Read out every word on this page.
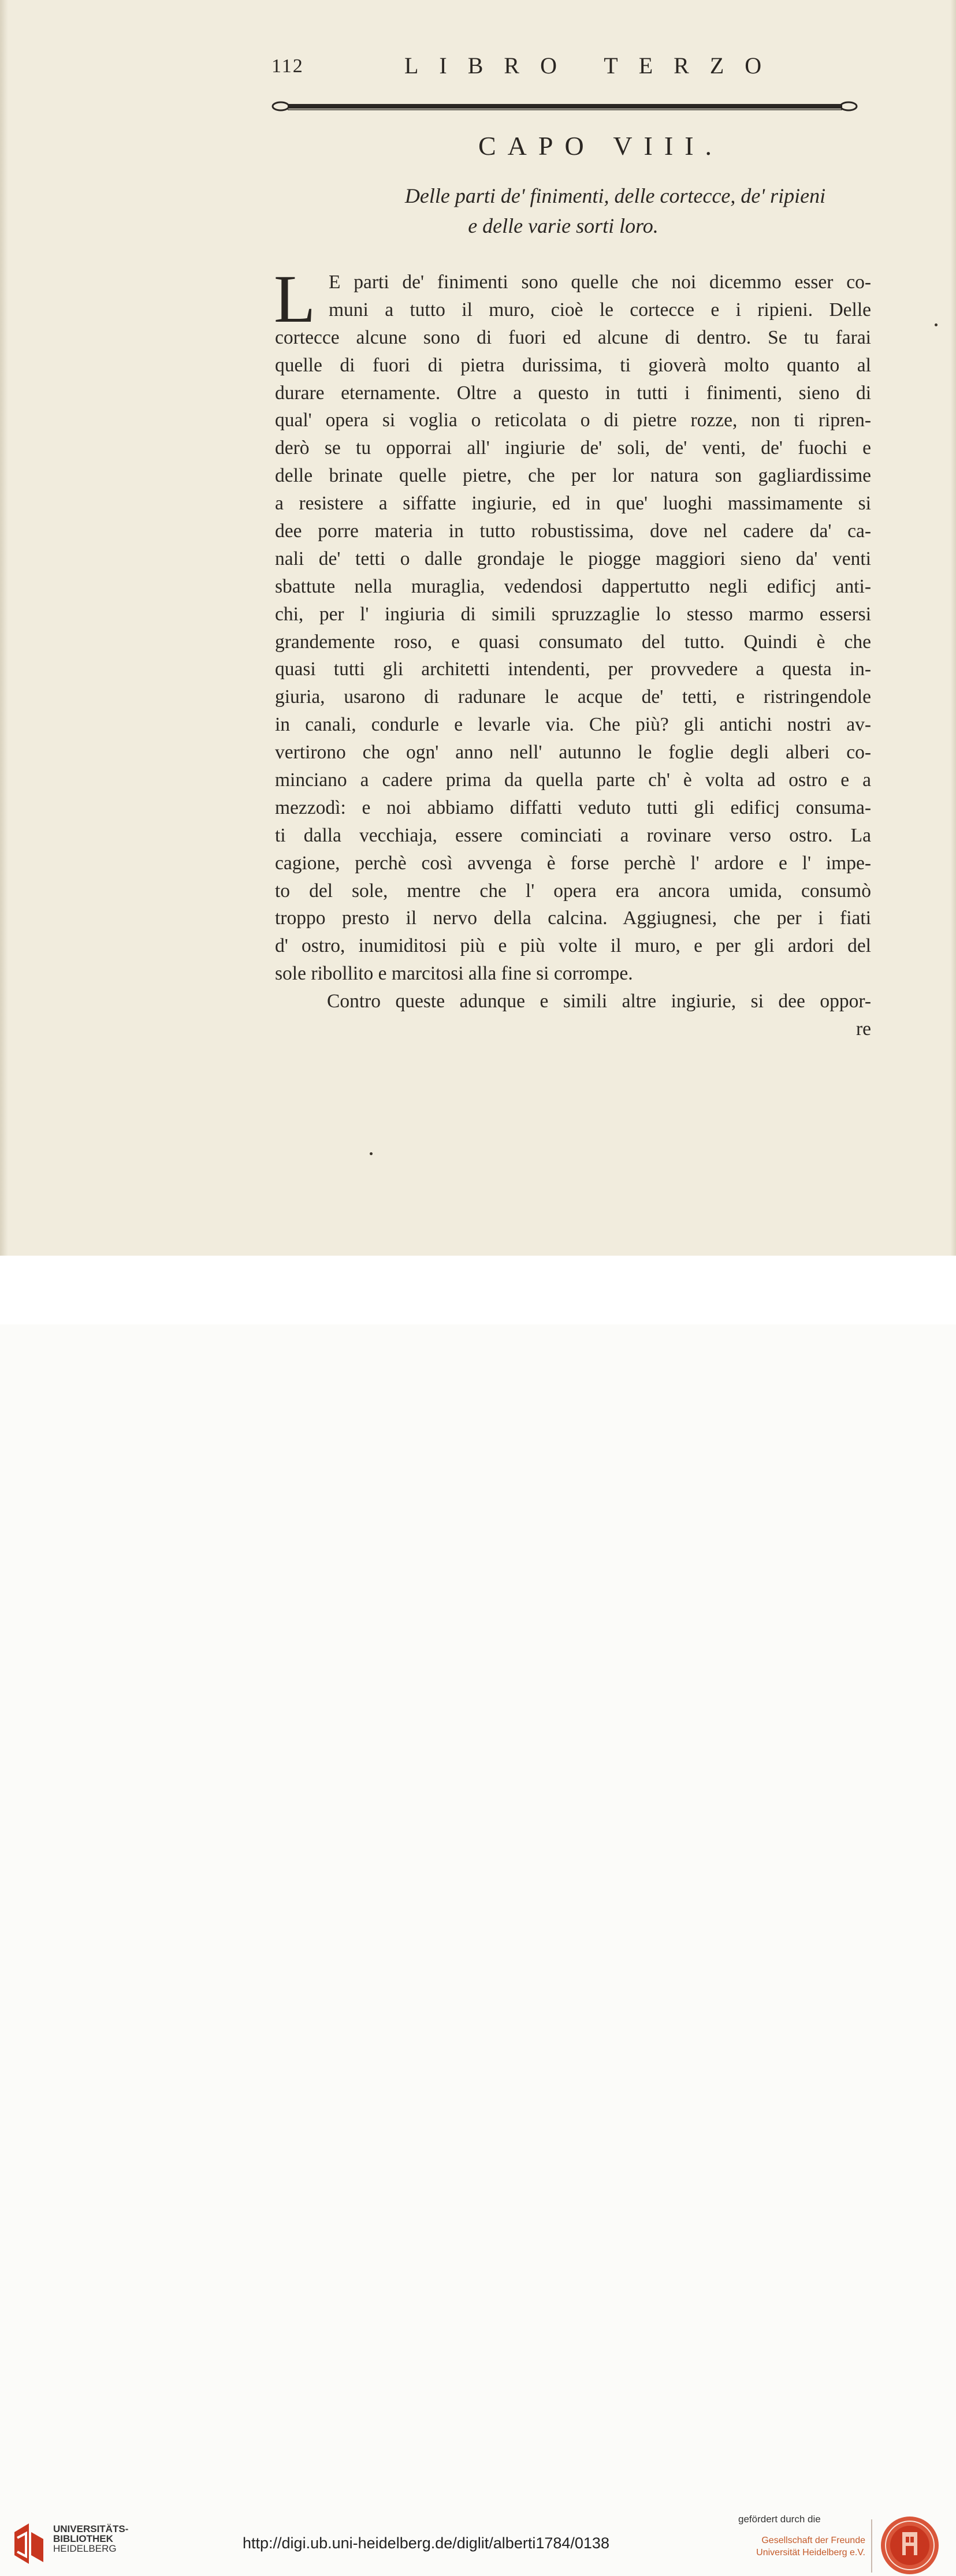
112	LIBRO TERZO
CAPO VIII.
Delle parti de' finimenti, delle cortecce, de' ripieni
e delle varie sorti loro.
L E parti de' finimenti sono quelle che noi dicemmo esser co-
muni a tutto il muro, cioè le cortecce e i ripieni. Delle
cortecce alcune sono di fuori ed alcune di dentro. Se tu farai
quelle di fuori di pietra durissima, ti gioverà molto quanto al
durare eternamente. Oltre a questo in tutti i finimenti, sieno di
qual' opera si voglia o reticolata o di pietre rozze, non ti ripren-
derò se tu opporrai all' ingiurie de' soli, de' venti, de' fuochi e
delle brinate quelle pietre, che per lor natura son gagliardissime
a resistere a siffatte ingiurie, ed in que' luoghi massimamente si
dee porre materia in tutto robustissima, dove nel cadere da' ca-
nali de' tetti o dalle grondaje le piogge maggiori sieno da' venti
sbattute nella muraglia, vedendosi dappertutto negli edificj anti-
chi, per l' ingiuria di simili spruzzaglie lo stesso marmo essersi
grandemente roso, e quasi consumato del tutto. Quindi è che
quasi tutti gli architetti intendenti, per provvedere a questa in-
giuria, usarono di radunare le acque de' tetti, e ristringendole
in canali, condurle e levarle via. Che più? gli antichi nostri av-
vertirono che ogn' anno nell' autunno le foglie degli alberi co-
minciano a cadere prima da quella parte ch' è volta ad ostro e a
mezzodì: e noi abbiamo diffatti veduto tutti gli edificj consuma-
ti dalla vecchiaja, essere cominciati a rovinare verso ostro. La
cagione, perchè così avvenga è forse perchè l' ardore e l' impe-
to del sole, mentre che l' opera era ancora umida, consumò
troppo presto il nervo della calcina. Aggiugnesi, che per i fiati
d' ostro, inumiditosi più e più volte il muro, e per gli ardori del
sole ribollito e marcitosi alla fine si corrompe.
Contro queste adunque e simili altre ingiurie, si dee oppor-
re
UNIVERSITÄTS-
BIBLIOTHEK
HEIDELBERG	http://digi.ub.uni-heidelberg.de/diglit/alberti1784/0138
gefördert durch die
Gesellschaft der Freunde
Universität Heidelberg e.V.
